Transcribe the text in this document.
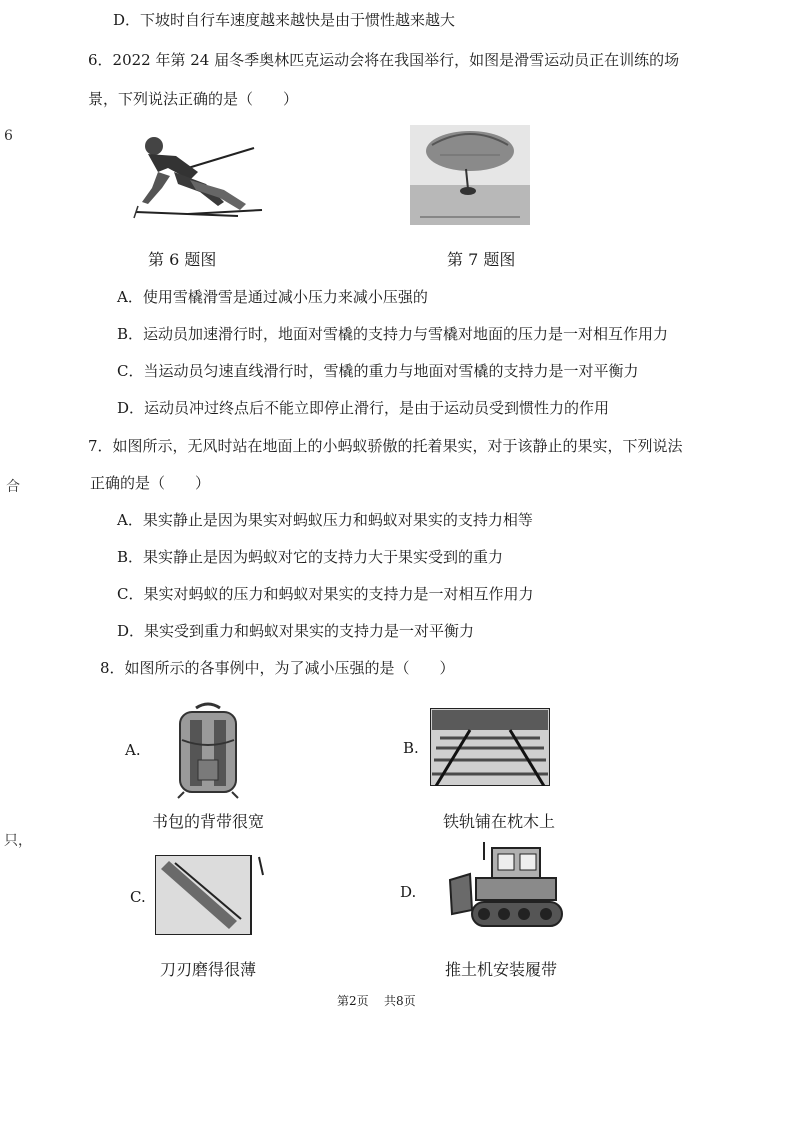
D．下坡时自行车速度越来越快是由于惯性越来越大
6．2022 年第 24 届冬季奥林匹克运动会将在我国举行，如图是滑雪运动员正在训练的场
景，下列说法正确的是（　　）
6
合
只，
第 6 题图	第 7 题图
A．使用雪橇滑雪是通过减小压力来减小压强的
B．运动员加速滑行时，地面对雪橇的支持力与雪橇对地面的压力是一对相互作用力
C．当运动员匀速直线滑行时，雪橇的重力与地面对雪橇的支持力是一对平衡力
D．运动员冲过终点后不能立即停止滑行，是由于运动员受到惯性力的作用
7．如图所示，无风时站在地面上的小蚂蚁骄傲的托着果实，对于该静止的果实，下列说法
正确的是（　　）
A．果实静止是因为果实对蚂蚁压力和蚂蚁对果实的支持力相等
B．果实静止是因为蚂蚁对它的支持力大于果实受到的重力
C．果实对蚂蚁的压力和蚂蚁对果实的支持力是一对相互作用力
D．果实受到重力和蚂蚁对果实的支持力是一对平衡力
8．如图所示的各事例中，为了减小压强的是（　　）
A.
书包的背带很宽
B.
铁轨铺在枕木上
C.
刀刃磨得很薄
D.
推土机安装履带
第2页 共8页
